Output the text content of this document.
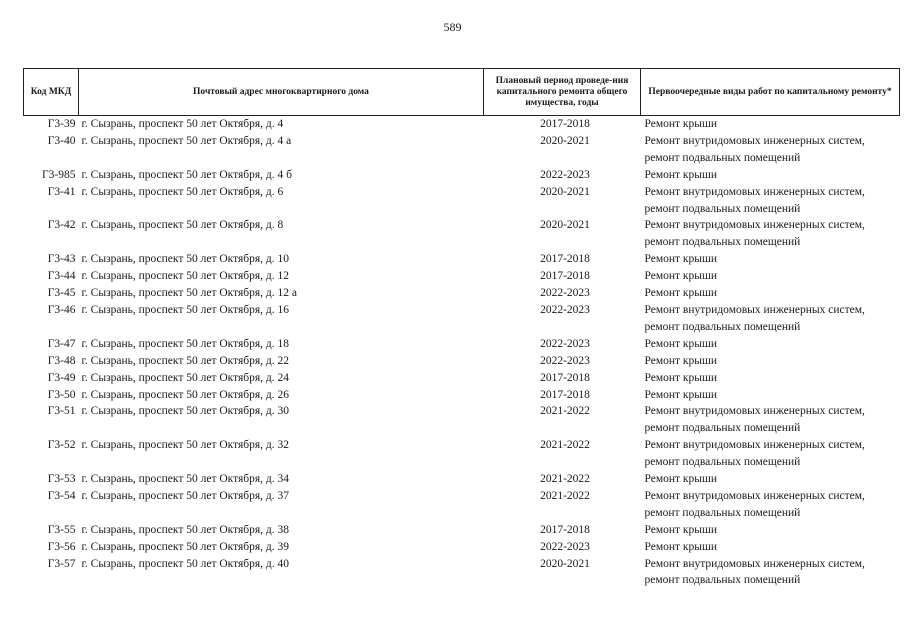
589
Код МКД	Почтовый адрес многоквартирного дома	Плановый период проведе-ния капитального ремонта общего имущества, годы	Первоочередные виды работ по капитальному ремонту*
Г3-39	г. Сызрань, проспект 50 лет Октября, д. 4	2017-2018	Ремонт крыши

Г3-40	г. Сызрань, проспект 50 лет Октября, д. 4 а	2020-2021	Ремонт внутридомовых инженерных систем,
ремонт подвальных помещений

Г3-985	г. Сызрань, проспект 50 лет Октября, д. 4 б	2022-2023	Ремонт крыши

Г3-41	г. Сызрань, проспект 50 лет Октября, д. 6	2020-2021	Ремонт внутридомовых инженерных систем,
ремонт подвальных помещений

Г3-42	г. Сызрань, проспект 50 лет Октября, д. 8	2020-2021	Ремонт внутридомовых инженерных систем,
ремонт подвальных помещений

Г3-43	г. Сызрань, проспект 50 лет Октября, д. 10	2017-2018	Ремонт крыши

Г3-44	г. Сызрань, проспект 50 лет Октября, д. 12	2017-2018	Ремонт крыши

Г3-45	г. Сызрань, проспект 50 лет Октября, д. 12 а	2022-2023	Ремонт крыши

Г3-46	г. Сызрань, проспект 50 лет Октября, д. 16	2022-2023	Ремонт внутридомовых инженерных систем,
ремонт подвальных помещений

Г3-47	г. Сызрань, проспект 50 лет Октября, д. 18	2022-2023	Ремонт крыши

Г3-48	г. Сызрань, проспект 50 лет Октября, д. 22	2022-2023	Ремонт крыши

Г3-49	г. Сызрань, проспект 50 лет Октября, д. 24	2017-2018	Ремонт крыши

Г3-50	г. Сызрань, проспект 50 лет Октября, д. 26	2017-2018	Ремонт крыши

Г3-51	г. Сызрань, проспект 50 лет Октября, д. 30	2021-2022	Ремонт внутридомовых инженерных систем,
ремонт подвальных помещений

Г3-52	г. Сызрань, проспект 50 лет Октября, д. 32	2021-2022	Ремонт внутридомовых инженерных систем,
ремонт подвальных помещений

Г3-53	г. Сызрань, проспект 50 лет Октября, д. 34	2021-2022	Ремонт крыши

Г3-54	г. Сызрань, проспект 50 лет Октября, д. 37	2021-2022	Ремонт внутридомовых инженерных систем,
ремонт подвальных помещений

Г3-55	г. Сызрань, проспект 50 лет Октября, д. 38	2017-2018	Ремонт крыши

Г3-56	г. Сызрань, проспект 50 лет Октября, д. 39	2022-2023	Ремонт крыши

Г3-57	г. Сызрань, проспект 50 лет Октября, д. 40	2020-2021	Ремонт внутридомовых инженерных систем,
ремонт подвальных помещений
